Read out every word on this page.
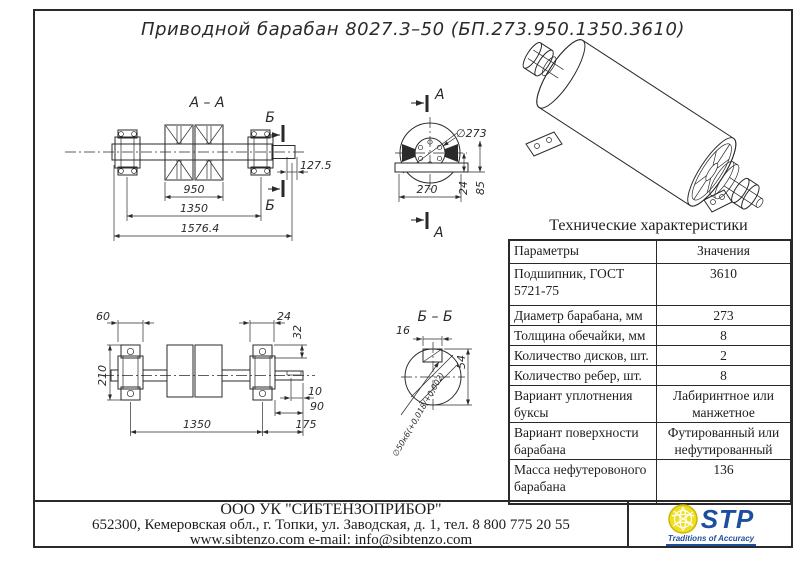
Приводной барабан 8027.3–50 (БП.273.950.1350.3610)
А – А
Б
Б
127.5
950
1350
1576.4
А
А
∅273
270 24 85
60	24
32
10
90
1350	175
210
Б – Б
16
54
∅50к6(+0,018/+0,002)
Технические характеристики
Параметры	Значения
Подшипник, ГОСТ 5721-75	3610
Диаметр барабана, мм	273
Толщина обечайки, мм	8
Количество дисков, шт.	2
Количество ребер, шт.	8
Вариант уплотнения буксы	Лабиринтное или манжетное
Вариант поверхности барабана	Футированный или нефутированный
Масса нефутеровоного барабана	136
ООО УК "СИБТЕНЗОПРИБОР"
652300, Кемеровская обл., г. Топки, ул. Заводская, д. 1, тел. 8 800 775 20 55
www.sibtenzo.com e-mail: info@sibtenzo.com
STP
Traditions of Accuracy
